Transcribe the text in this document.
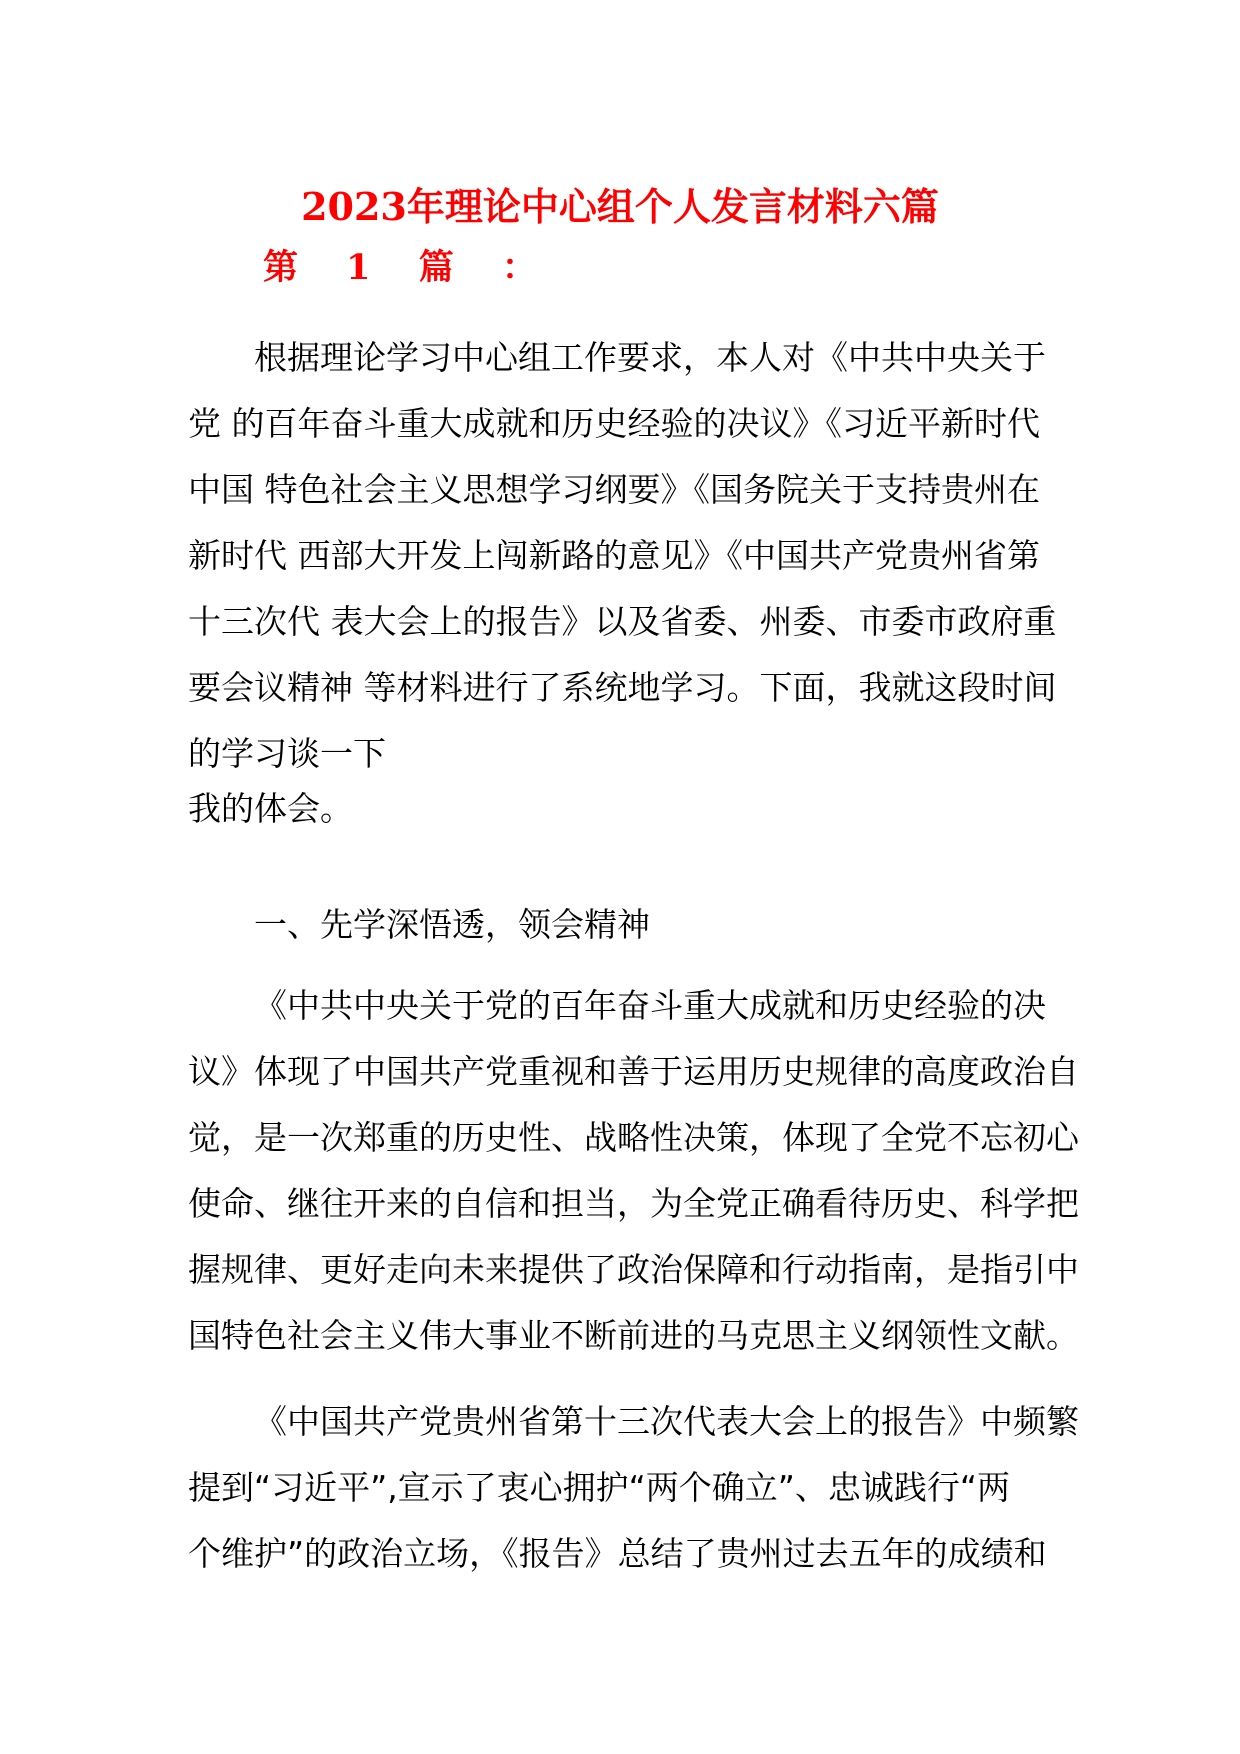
2023年理论中心组个人发言材料六篇
第 1 篇 ：
根据理论学习中心组工作要求，本人对《中共中央关于
党 的百年奋斗重大成就和历史经验的决议》《习近平新时代
中国 特色社会主义思想学习纲要》《国务院关于支持贵州在
新时代 西部大开发上闯新路的意见》《中国共产党贵州省第
十三次代 表大会上的报告》以及省委、州委、市委市政府重
要会议精神 等材料进行了系统地学习。下面，我就这段时间
的学习谈一下
我的体会。
一、先学深悟透，领会精神
《中共中央关于党的百年奋斗重大成就和历史经验的决
议》体现了中国共产党重视和善于运用历史规律的高度政治自
觉，是一次郑重的历史性、战略性决策，体现了全党不忘初心
使命、继往开来的自信和担当，为全党正确看待历史、科学把
握规律、更好走向未来提供了政治保障和行动指南，是指引中
国特色社会主义伟大事业不断前进的马克思主义纲领性文献。
《中国共产党贵州省第十三次代表大会上的报告》中频繁
提到“习近平”,宣示了衷心拥护“两个确立”、忠诚践行“两
个维护”的政治立场，《报告》总结了贵州过去五年的成绩和
